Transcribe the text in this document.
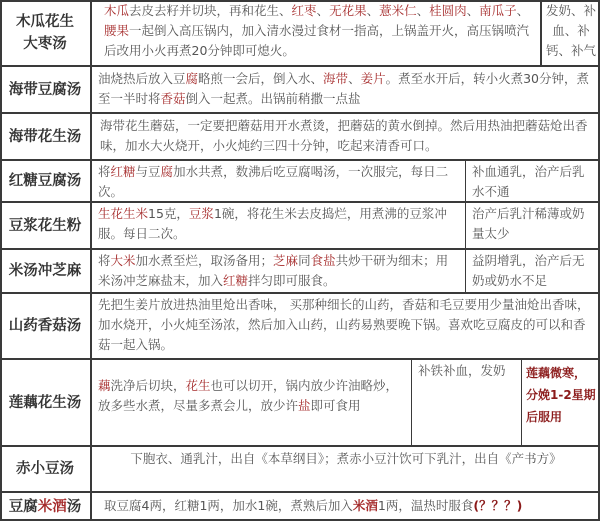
木瓜花生大枣汤
木瓜去皮去籽并切块，再和花生、红枣、无花果、薏米仁、桂圆肉、南瓜子、腰果一起倒入高压锅内，加入清水漫过食材一指高，上锅盖开火，高压锅喷汽后改用小火再煮20分钟即可熄火。
发奶、补血、补钙、补气
海带豆腐汤
油烧热后放入豆腐略煎一会后，倒入水、海带、姜片。煮至水开后，转小火煮30分钟，煮至一半时将香菇倒入一起煮。出锅前稍撒一点盐
海带花生汤
海带花生蘑菇，一定要把蘑菇用开水煮烫，把蘑菇的黄水倒掉。然后用热油把蘑菇炝出香味，加水大火烧开，小火炖约三四十分钟，吃起来清香可口。
红糖豆腐汤
将红糖与豆腐加水共煮，数沸后吃豆腐喝汤，一次服完，每日二次。
补血通乳，治产后乳水不通
豆浆花生粉
生花生米15克，豆浆1碗，将花生米去皮捣烂，用煮沸的豆浆冲服。每日二次。
治产后乳汁稀薄或奶量太少
米汤冲芝麻
将大米加水煮至烂，取汤备用；芝麻同食盐共炒干研为细末；用米汤冲芝麻盐末，加入红糖拌匀即可服食。
益阴增乳，治产后无奶或奶水不足
山药香菇汤
先把生姜片放进热油里炝出香味， 买那种细长的山药，香菇和毛豆要用少量油炝出香味，加水烧开，小火炖至汤浓，然后加入山药，山药易熟要晚下锅。喜欢吃豆腐皮的可以和香菇一起入锅。
莲藕花生汤
藕洗净后切块，花生也可以切开，锅内放少许油略炒，放多些水煮，尽量多煮会儿，放少许盐即可食用
补铁补血，发奶	莲藕微寒，分娩1-2星期后服用
赤小豆汤
下胞衣、通乳汁，出自《本草纲目》；煮赤小豆汁饮可下乳汁，出自《产书方》
豆腐 米酒 汤	取豆腐4两，红糖1两，加水1碗，煮熟后加入米酒1两，温热时服食(？？？)
